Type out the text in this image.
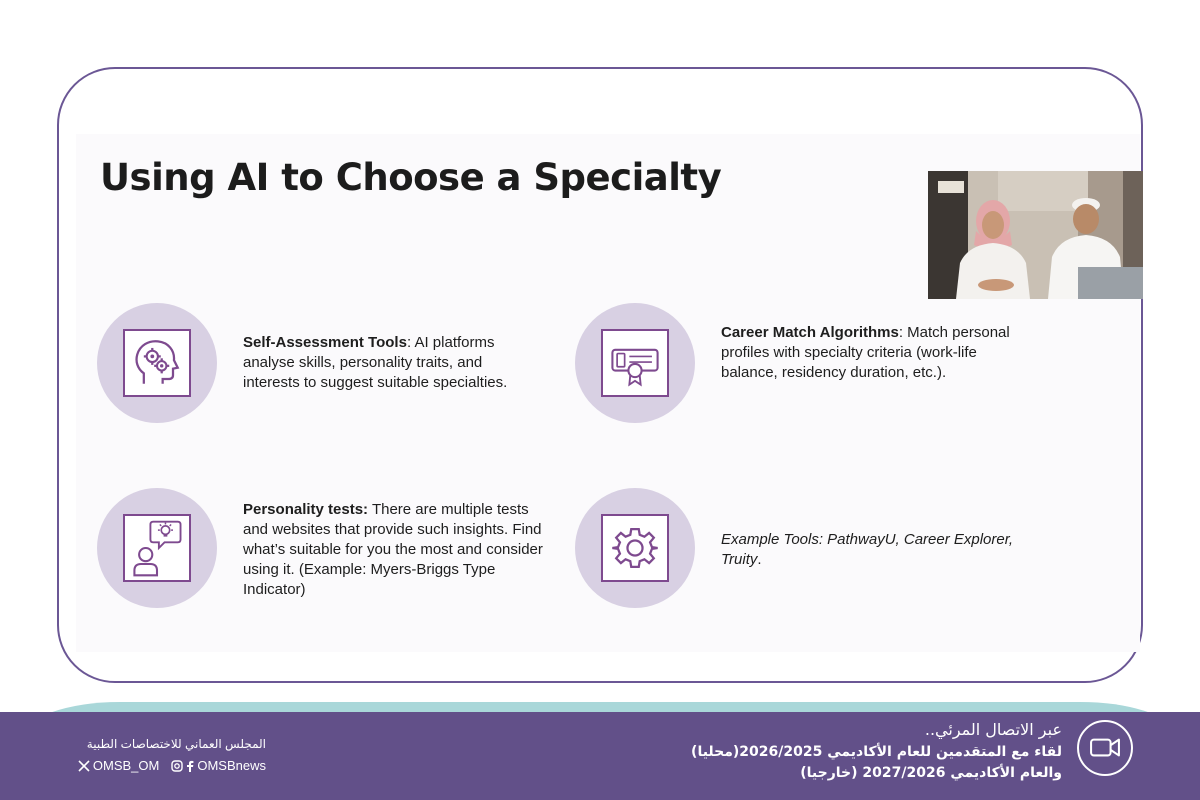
Using AI to Choose a Specialty
Self-Assessment Tools: AI platforms analyse skills, personality traits, and interests to suggest suitable specialties.
Career Match Algorithms: Match personal profiles with specialty criteria (work-life balance, residency duration, etc.).
Personality tests: There are multiple tests and websites that provide such insights. Find what’s suitable for you the most and consider using it. (Example: Myers-Briggs Type Indicator)
Example Tools: PathwayU, Career Explorer, Truity.
المجلس العماني للاختصاصات الطبية
OMSB_OM	OMSBnews
عبر الاتصال المرئي..
لقاء مع المتقدمين للعام الأكاديمي 2026/2025(محليا)
والعام الأكاديمي 2027/2026 (خارجيا)
